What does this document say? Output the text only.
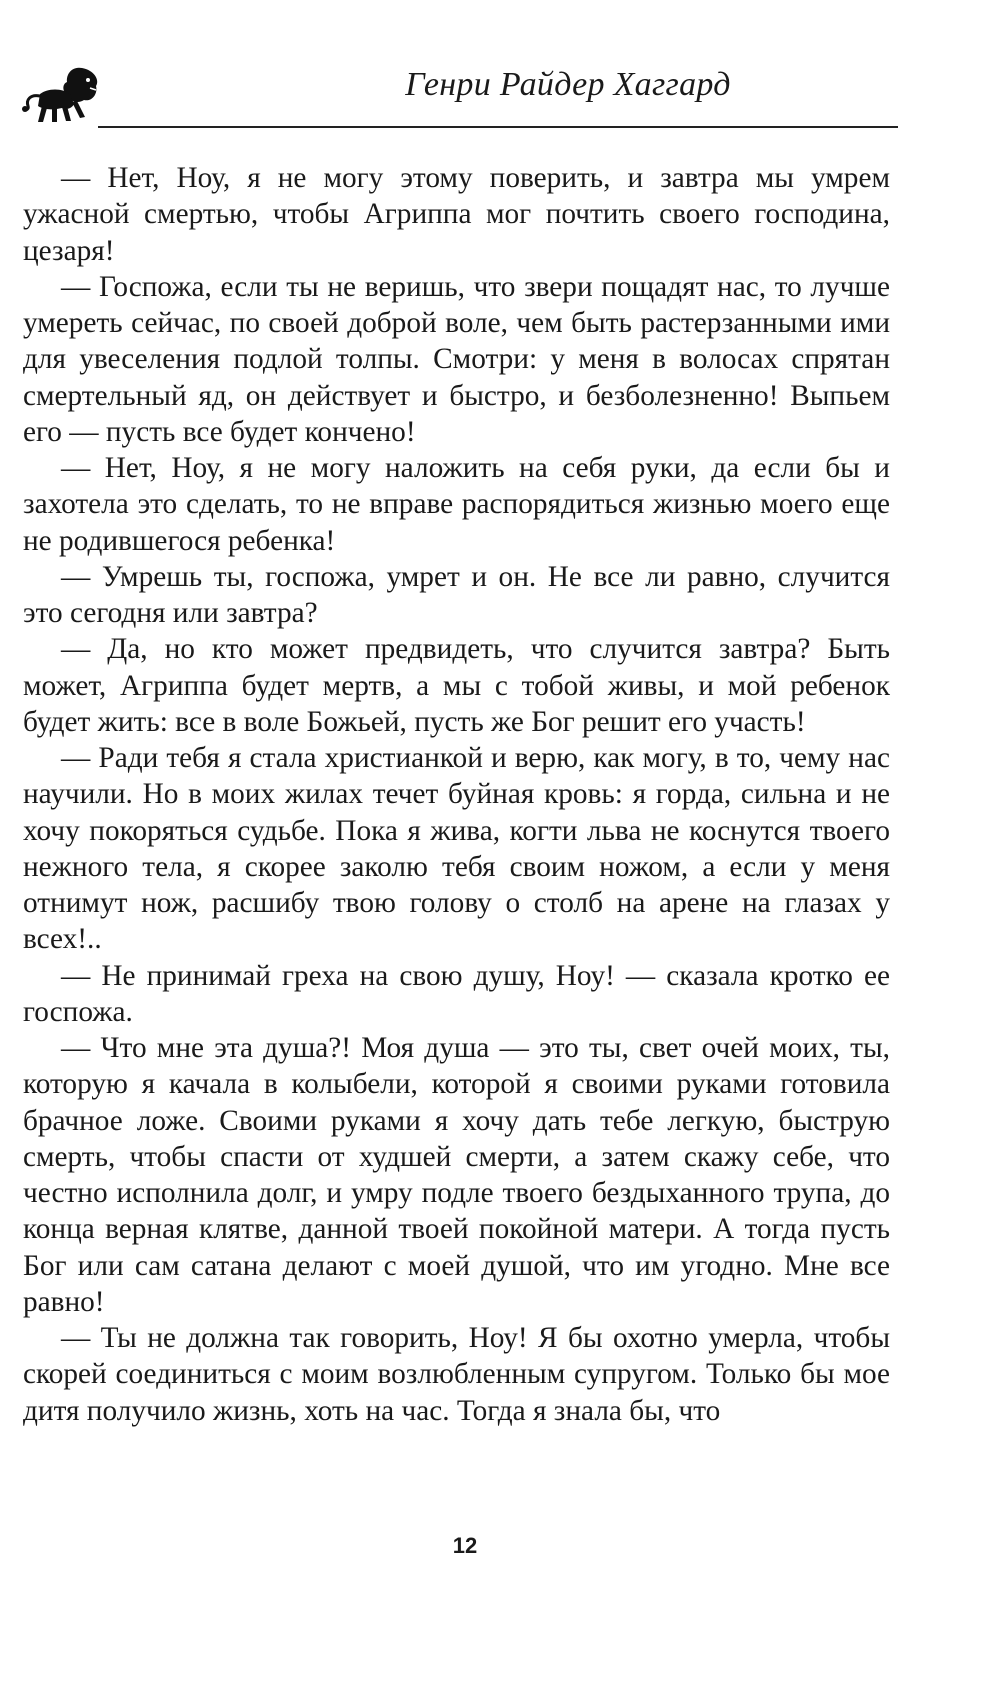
Генри Райдер Хаггард

— Нет, Ноу, я не могу этому поверить, и завтра мы умрем ужасной смертью, чтобы Агриппа мог почтить своего господина, цезаря!

— Госпожа, если ты не веришь, что звери пощадят нас, то лучше умереть сейчас, по своей доброй воле, чем быть растерзанными ими для увеселения подлой толпы. Смотри: у меня в волосах спрятан смертельный яд, он действует и быстро, и безболезненно! Выпьем его — пусть все будет кончено!

— Нет, Ноу, я не могу наложить на себя руки, да если бы и захотела это сделать, то не вправе распорядиться жизнью моего еще не родившегося ребенка!

— Умрешь ты, госпожа, умрет и он. Не все ли равно, случится это сегодня или завтра?

— Да, но кто может предвидеть, что случится завтра? Быть может, Агриппа будет мертв, а мы с тобой живы, и мой ребенок будет жить: все в воле Божьей, пусть же Бог решит его участь!

— Ради тебя я стала христианкой и верю, как могу, в то, чему нас научили. Но в моих жилах течет буйная кровь: я горда, сильна и не хочу покоряться судьбе. Пока я жива, когти льва не коснутся твоего нежного тела, я скорее заколю тебя своим ножом, а если у меня отнимут нож, расшибу твою голову о столб на арене на глазах у всех!..

— Не принимай греха на свою душу, Ноу! — сказала кротко ее госпожа.

— Что мне эта душа?! Моя душа — это ты, свет очей моих, ты, которую я качала в колыбели, которой я своими руками готовила брачное ложе. Своими руками я хочу дать тебе легкую, быструю смерть, чтобы спасти от худшей смерти, а затем скажу себе, что честно исполнила долг, и умру подле твоего бездыханного трупа, до конца верная клятве, данной твоей покойной матери. А тогда пусть Бог или сам сатана делают с моей душой, что им угодно. Мне все равно!

— Ты не должна так говорить, Ноу! Я бы охотно умерла, чтобы скорей соединиться с моим возлюбленным супругом. Только бы мое дитя получило жизнь, хоть на час. Тогда я знала бы, что

12
